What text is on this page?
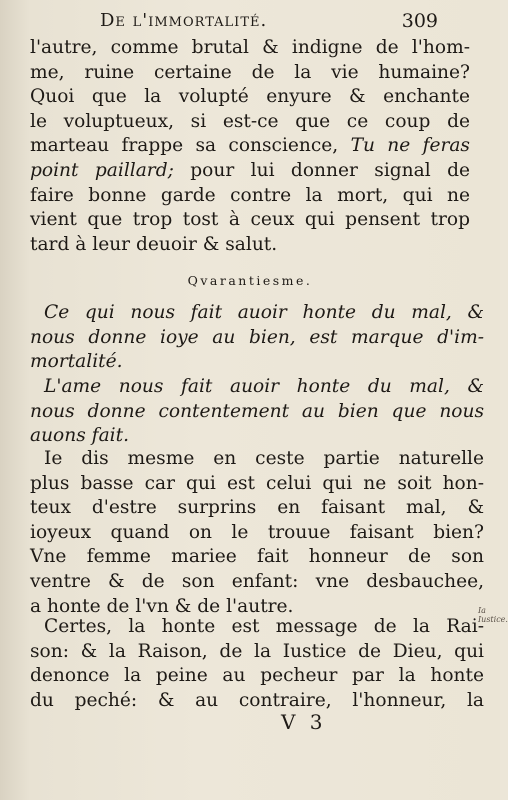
De l'immortalité.	309
l'autre, comme brutal & indigne de l'hom-
me, ruine certaine de la vie humaine?
Quoi que la volupté enyure & enchante
le voluptueux, si est-ce que ce coup de
marteau frappe sa conscience, Tu ne feras
point paillard; pour lui donner signal de
faire bonne garde contre la mort, qui ne
vient que trop tost à ceux qui pensent trop
tard à leur deuoir & salut.
Qvarantiesme.
Ce qui nous fait auoir honte du mal, &
nous donne ioye au bien, est marque d'im-
mortalité.
L'ame nous fait auoir honte du mal, &
nous donne contentement au bien que nous
auons fait.
Ie dis mesme en ceste partie naturelle
plus basse car qui est celui qui ne soit hon-
teux d'estre surprins en faisant mal, &
ioyeux quand on le trouue faisant bien?
Vne femme mariee fait honneur de son
ventre & de son enfant: vne desbauchee,
a honte de l'vn & de l'autre.
Certes, la honte est message de la Rai-
son: & la Raison, de la Iustice de Dieu, qui
denonce la peine au pecheur par la honte
du peché: & au contraire, l'honneur, la
Ia Iustice.
V 3
